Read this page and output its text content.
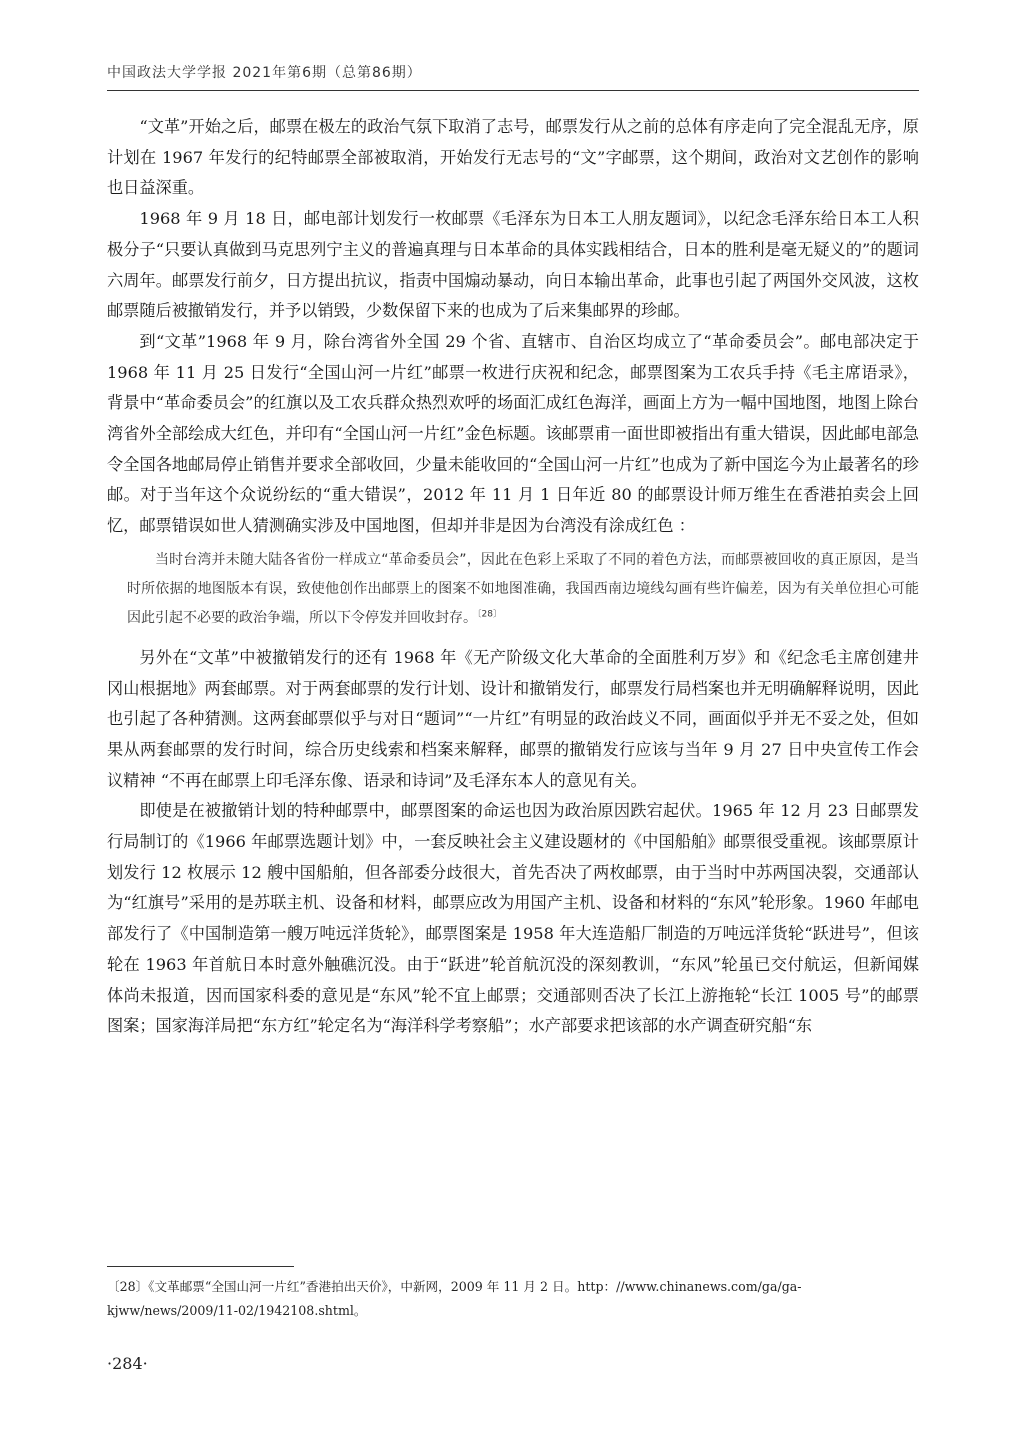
中国政法大学学报 2021年第6期（总第86期）

“文革”开始之后，邮票在极左的政治气氛下取消了志号，邮票发行从之前的总体有序走向了完全混乱无序，原计划在 1967 年发行的纪特邮票全部被取消，开始发行无志号的“文”字邮票，这个期间，政治对文艺创作的影响也日益深重。

1968 年 9 月 18 日，邮电部计划发行一枚邮票《毛泽东为日本工人朋友题词》，以纪念毛泽东给日本工人积极分子“只要认真做到马克思列宁主义的普遍真理与日本革命的具体实践相结合，日本的胜利是毫无疑义的”的题词六周年。邮票发行前夕，日方提出抗议，指责中国煽动暴动，向日本输出革命，此事也引起了两国外交风波，这枚邮票随后被撤销发行，并予以销毁，少数保留下来的也成为了后来集邮界的珍邮。

到“文革”1968 年 9 月，除台湾省外全国 29 个省、直辖市、自治区均成立了“革命委员会”。邮电部决定于 1968 年 11 月 25 日发行“全国山河一片红”邮票一枚进行庆祝和纪念，邮票图案为工农兵手持《毛主席语录》，背景中“革命委员会”的红旗以及工农兵群众热烈欢呼的场面汇成红色海洋，画面上方为一幅中国地图，地图上除台湾省外全部绘成大红色，并印有“全国山河一片红”金色标题。该邮票甫一面世即被指出有重大错误，因此邮电部急令全国各地邮局停止销售并要求全部收回，少量未能收回的“全国山河一片红”也成为了新中国迄今为止最著名的珍邮。对于当年这个众说纷纭的“重大错误”，2012 年 11 月 1 日年近 80 的邮票设计师万维生在香港拍卖会上回忆，邮票错误如世人猜测确实涉及中国地图，但却并非是因为台湾没有涂成红色 ：

当时台湾并未随大陆各省份一样成立“革命委员会”，因此在色彩上采取了不同的着色方法，而邮票被回收的真正原因，是当时所依据的地图版本有误，致使他创作出邮票上的图案不如地图准确，我国西南边境线勾画有些许偏差，因为有关单位担心可能因此引起不必要的政治争端，所以下令停发并回收封存。$^{〔28〕}$

另外在“文革”中被撤销发行的还有 1968 年《无产阶级文化大革命的全面胜利万岁》和《纪念毛主席创建井冈山根据地》两套邮票。对于两套邮票的发行计划、设计和撤销发行，邮票发行局档案也并无明确解释说明，因此也引起了各种猜测。这两套邮票似乎与对日“题词”“一片红”有明显的政治歧义不同，画面似乎并无不妥之处，但如果从两套邮票的发行时间，综合历史线索和档案来解释，邮票的撤销发行应该与当年 9 月 27 日中央宣传工作会议精神 “不再在邮票上印毛泽东像、语录和诗词”及毛泽东本人的意见有关。

即使是在被撤销计划的特种邮票中，邮票图案的命运也因为政治原因跌宕起伏。1965 年 12 月 23 日邮票发行局制订的《1966 年邮票选题计划》中，一套反映社会主义建设题材的《中国船舶》邮票很受重视。该邮票原计划发行 12 枚展示 12 艘中国船舶，但各部委分歧很大，首先否决了两枚邮票，由于当时中苏两国决裂，交通部认为“红旗号”采用的是苏联主机、设备和材料，邮票应改为用国产主机、设备和材料的“东风”轮形象。1960 年邮电部发行了《中国制造第一艘万吨远洋货轮》，邮票图案是 1958 年大连造船厂制造的万吨远洋货轮“跃进号”，但该轮在 1963 年首航日本时意外触礁沉没。由于“跃进”轮首航沉没的深刻教训，“东风”轮虽已交付航运，但新闻媒体尚未报道，因而国家科委的意见是“东风”轮不宜上邮票；交通部则否决了长江上游拖轮“长江 1005 号”的邮票图案；国家海洋局把“东方红”轮定名为“海洋科学考察船”；水产部要求把该部的水产调查研究船“东

〔28〕《文革邮票“全国山河一片红”香港拍出天价》，中新网，2009 年 11 月 2 日。http：//www.chinanews.com/ga/ga-kjww/news/2009/11-02/1942108.shtml。
·284·
